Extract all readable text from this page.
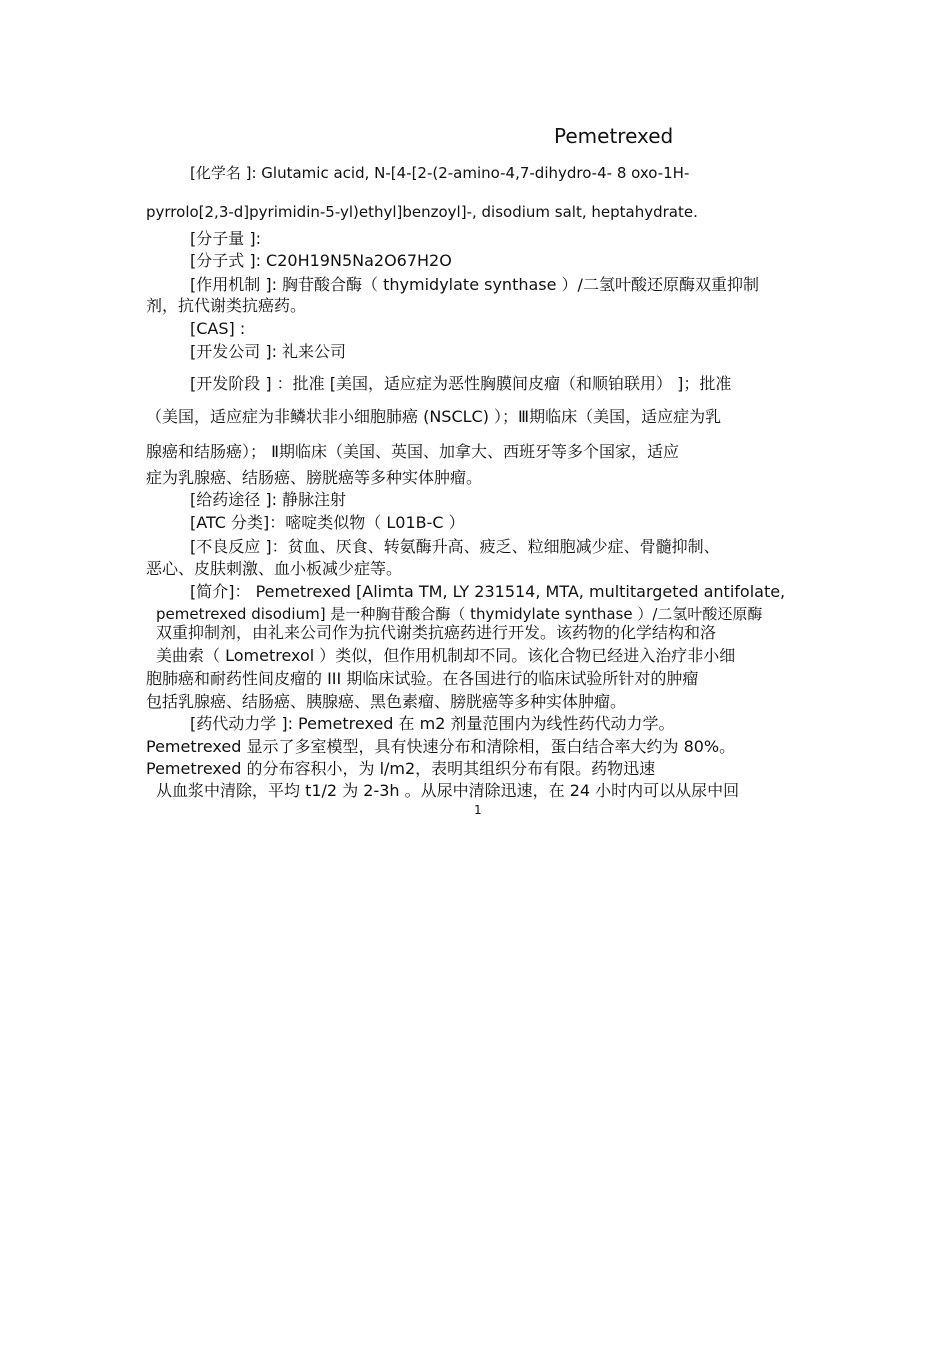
Pemetrexed
[化学名 ]: Glutamic acid, N-[4-[2-(2-amino-4,7-dihydro-4- 8 oxo-1H-
pyrrolo[2,3-d]pyrimidin-5-yl)ethyl]benzoyl]-, disodium salt, heptahydrate.
[分子量 ]:
[分子式 ]: C20H19N5Na2O67H2O
[作用机制 ]: 胸苷酸合酶（ thymidylate synthase ）/二氢叶酸还原酶双重抑制
剂，抗代谢类抗癌药。
[CAS] :
[开发公司 ]: 礼来公司
[开发阶段 ] ：批准 [美国，适应症为恶性胸膜间皮瘤（和顺铂联用） ]；批准
（美国，适应症为非鳞状非小细胞肺癌 (NSCLC) ）；Ⅲ期临床（美国，适应症为乳
腺癌和结肠癌）； Ⅱ期临床（美国、英国、加拿大、西班牙等多个国家，适应
症为乳腺癌、结肠癌、膀胱癌等多种实体肿瘤。
[给药途径 ]: 静脉注射
[ATC 分类]：嘧啶类似物（ L01B-C ）
[不良反应 ]：贫血、厌食、转氨酶升高、疲乏、粒细胞减少症、骨髓抑制、
恶心、皮肤刺激、血小板减少症等。
[简介]： Pemetrexed [Alimta TM, LY 231514, MTA, multitargeted antifolate,
pemetrexed disodium] 是一种胸苷酸合酶（ thymidylate synthase ）/二氢叶酸还原酶
双重抑制剂，由礼来公司作为抗代谢类抗癌药进行开发。该药物的化学结构和洛
美曲索（ Lometrexol ）类似，但作用机制却不同。该化合物已经进入治疗非小细
胞肺癌和耐药性间皮瘤的 III 期临床试验。在各国进行的临床试验所针对的肿瘤
包括乳腺癌、结肠癌、胰腺癌、黑色素瘤、膀胱癌等多种实体肿瘤。
[药代动力学 ]: Pemetrexed 在 m2 剂量范围内为线性药代动力学。
Pemetrexed 显示了多室模型，具有快速分布和清除相，蛋白结合率大约为 80%。
Pemetrexed 的分布容积小，为 l/m2，表明其组织分布有限。药物迅速
从血浆中清除，平均 t1/2 为 2-3h 。从尿中清除迅速，在 24 小时内可以从尿中回
1
